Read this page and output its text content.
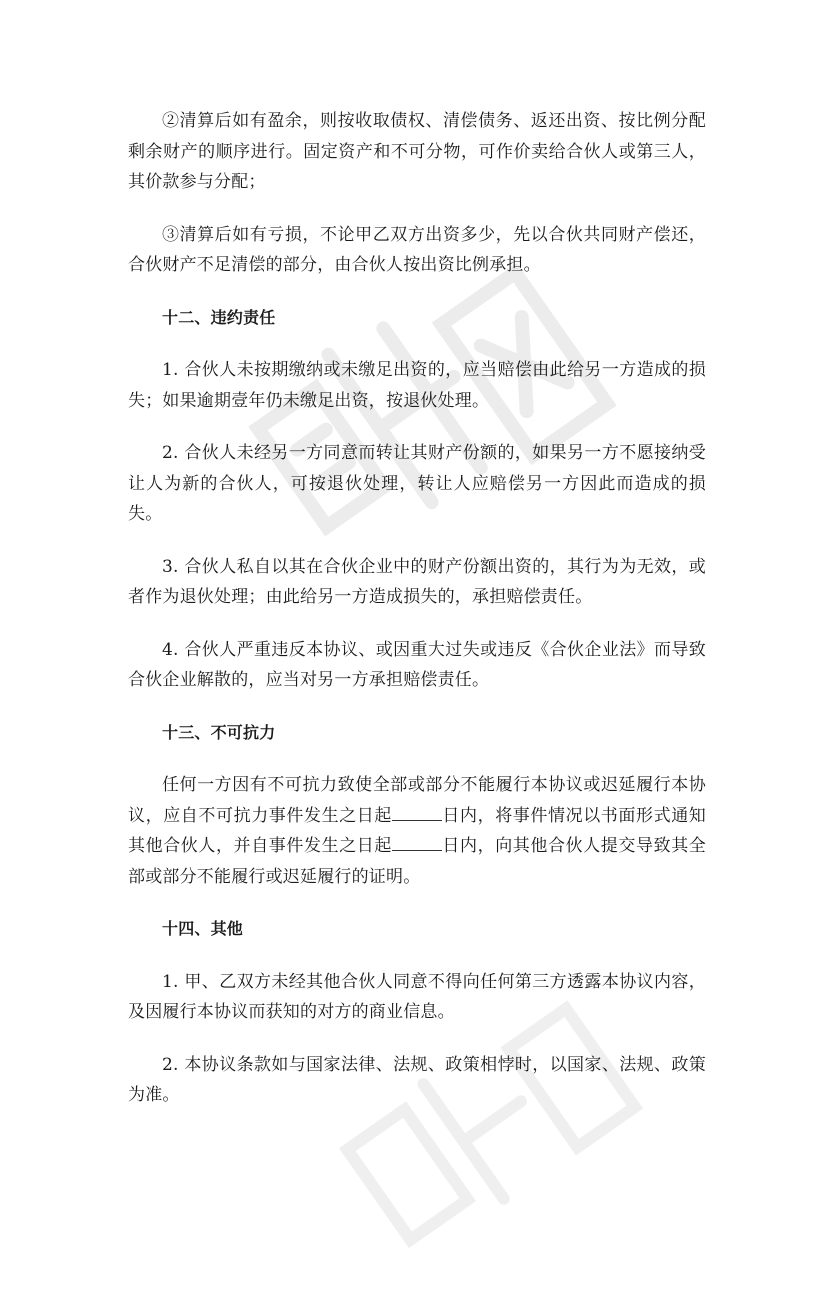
②清算后如有盈余，则按收取债权、清偿债务、返还出资、按比例分配剩余财产的顺序进行。固定资产和不可分物，可作价卖给合伙人或第三人，其价款参与分配；

③清算后如有亏损，不论甲乙双方出资多少，先以合伙共同财产偿还，合伙财产不足清偿的部分，由合伙人按出资比例承担。

十二、违约责任

1. 合伙人未按期缴纳或未缴足出资的，应当赔偿由此给另一方造成的损失；如果逾期壹年仍未缴足出资，按退伙处理。

2. 合伙人未经另一方同意而转让其财产份额的，如果另一方不愿接纳受让人为新的合伙人，可按退伙处理，转让人应赔偿另一方因此而造成的损失。

3. 合伙人私自以其在合伙企业中的财产份额出资的，其行为为无效，或者作为退伙处理；由此给另一方造成损失的，承担赔偿责任。

4. 合伙人严重违反本协议、或因重大过失或违反《合伙企业法》而导致合伙企业解散的，应当对另一方承担赔偿责任。

十三、不可抗力

任何一方因有不可抗力致使全部或部分不能履行本协议或迟延履行本协议，应自不可抗力事件发生之日起	日内，将事件情况以书面形式通知其他合伙人，并自事件发生之日起	日内，向其他合伙人提交导致其全部或部分不能履行或迟延履行的证明。

十四、其他

1. 甲、乙双方未经其他合伙人同意不得向任何第三方透露本协议内容，及因履行本协议而获知的对方的商业信息。

2. 本协议条款如与国家法律、法规、政策相悖时，以国家、法规、政策为准。
